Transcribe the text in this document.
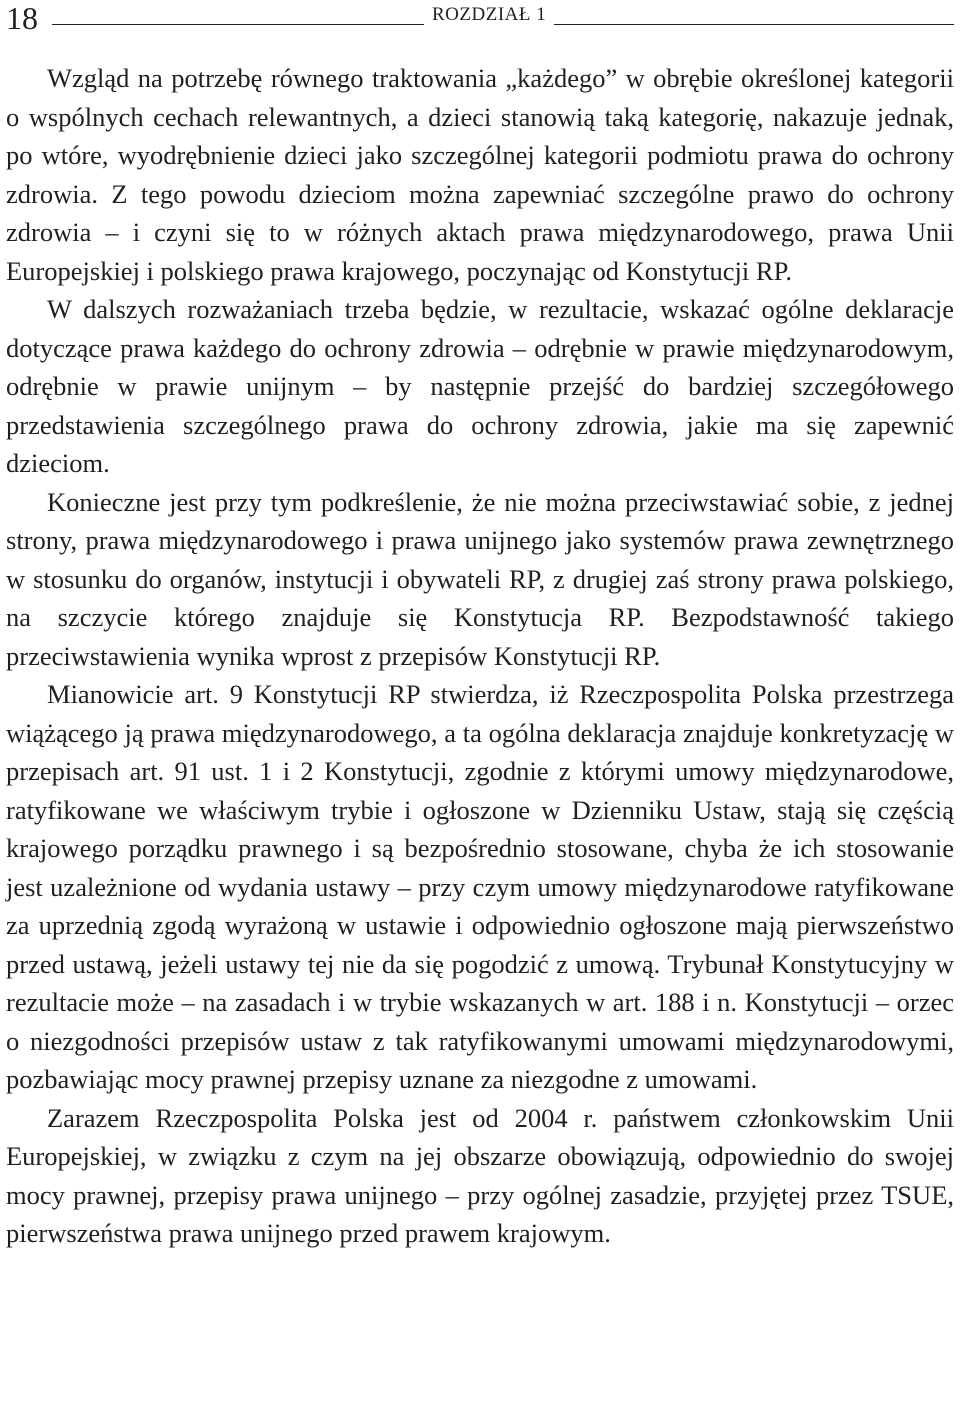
18	ROZDZIAŁ 1

Wzgląd na potrzebę równego traktowania „każdego” w obrębie określonej kategorii o wspólnych cechach relewantnych, a dzieci stanowią taką kategorię, nakazuje jednak, po wtóre, wyodrębnienie dzieci jako szczególnej kategorii podmiotu prawa do ochrony zdrowia. Z tego powodu dzieciom można zapewniać szczególne prawo do ochrony zdrowia – i czyni się to w różnych aktach prawa międzynarodowego, prawa Unii Europejskiej i polskiego prawa krajowego, poczynając od Konstytucji RP.

W dalszych rozważaniach trzeba będzie, w rezultacie, wskazać ogólne deklaracje dotyczące prawa każdego do ochrony zdrowia – odrębnie w prawie międzynarodowym, odrębnie w prawie unijnym – by następnie przejść do bardziej szczegółowego przedstawienia szczególnego prawa do ochrony zdrowia, jakie ma się zapewnić dzieciom.

Konieczne jest przy tym podkreślenie, że nie można przeciwstawiać sobie, z jednej strony, prawa międzynarodowego i prawa unijnego jako systemów prawa zewnętrznego w stosunku do organów, instytucji i obywateli RP, z drugiej zaś strony prawa polskiego, na szczycie którego znajduje się Konstytucja RP. Bezpodstawność takiego przeciwstawienia wynika wprost z przepisów Konstytucji RP.

Mianowicie art. 9 Konstytucji RP stwierdza, iż Rzeczpospolita Polska przestrzega wiążącego ją prawa międzynarodowego, a ta ogólna deklaracja znajduje konkretyzację w przepisach art. 91 ust. 1 i 2 Konstytucji, zgodnie z którymi umowy międzynarodowe, ratyfikowane we właściwym trybie i ogłoszone w Dzienniku Ustaw, stają się częścią krajowego porządku prawnego i są bezpośrednio stosowane, chyba że ich stosowanie jest uzależnione od wydania ustawy – przy czym umowy międzynarodowe ratyfikowane za uprzednią zgodą wyrażoną w ustawie i odpowiednio ogłoszone mają pierwszeństwo przed ustawą, jeżeli ustawy tej nie da się pogodzić z umową. Trybunał Konstytucyjny w rezultacie może – na zasadach i w trybie wskazanych w art. 188 i n. Konstytucji – orzec o niezgodności przepisów ustaw z tak ratyfikowanymi umowami międzynarodowymi, pozbawiając mocy prawnej przepisy uznane za niezgodne z umowami.

Zarazem Rzeczpospolita Polska jest od 2004 r. państwem członkowskim Unii Europejskiej, w związku z czym na jej obszarze obowiązują, odpowiednio do swojej mocy prawnej, przepisy prawa unijnego – przy ogólnej zasadzie, przyjętej przez TSUE, pierwszeństwa prawa unijnego przed prawem krajowym.
